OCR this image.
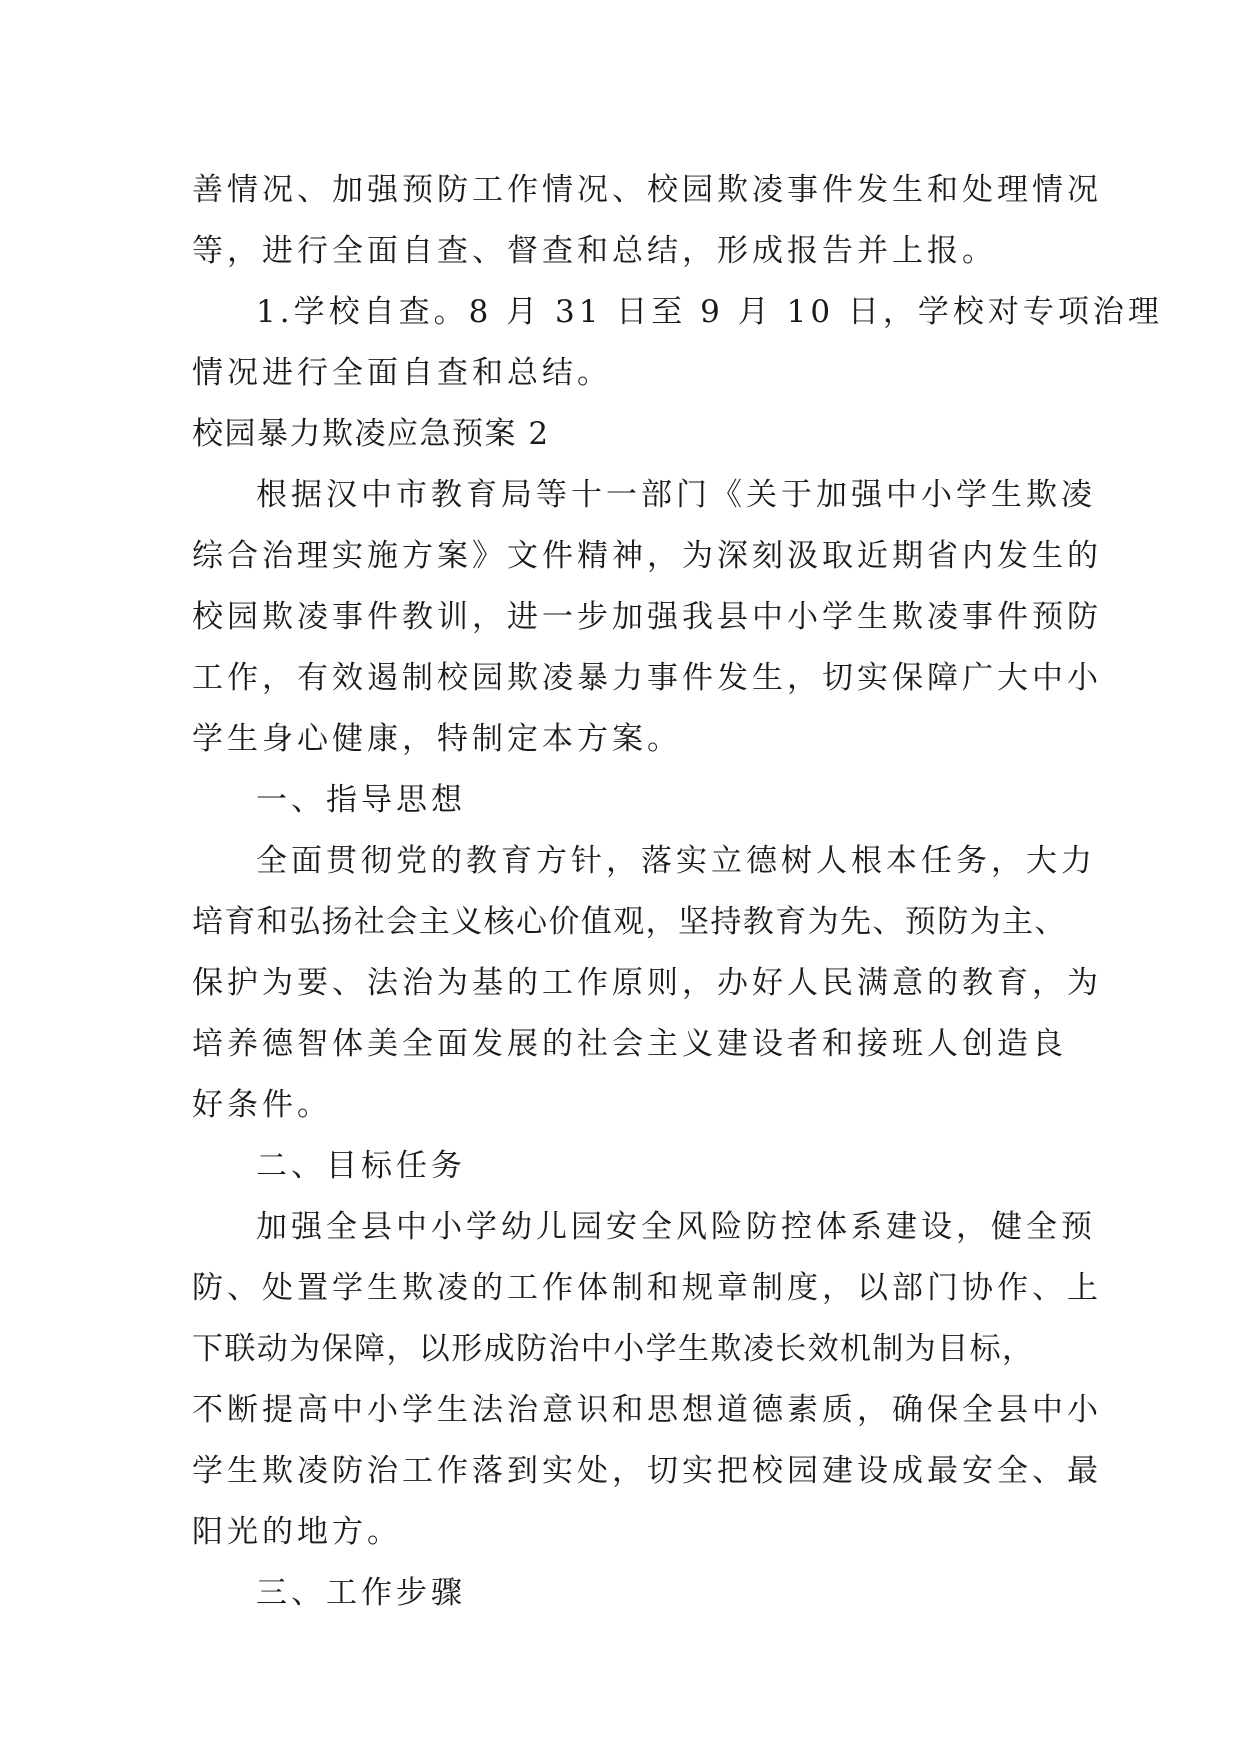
善情况、加强预防工作情况、校园欺凌事件发生和处理情况
等，进行全面自查、督查和总结，形成报告并上报。
1.学校自查。8 月 31 日至 9 月 10 日，学校对专项治理
情况进行全面自查和总结。
校园暴力欺凌应急预案 2
根据汉中市教育局等十一部门《关于加强中小学生欺凌
综合治理实施方案》文件精神，为深刻汲取近期省内发生的
校园欺凌事件教训，进一步加强我县中小学生欺凌事件预防
工作，有效遏制校园欺凌暴力事件发生，切实保障广大中小
学生身心健康，特制定本方案。
一、指导思想
全面贯彻党的教育方针，落实立德树人根本任务，大力
培育和弘扬社会主义核心价值观，坚持教育为先、预防为主、
保护为要、法治为基的工作原则，办好人民满意的教育，为
培养德智体美全面发展的社会主义建设者和接班人创造良
好条件。
二、目标任务
加强全县中小学幼儿园安全风险防控体系建设，健全预
防、处置学生欺凌的工作体制和规章制度，以部门协作、上
下联动为保障，以形成防治中小学生欺凌长效机制为目标，
不断提高中小学生法治意识和思想道德素质，确保全县中小
学生欺凌防治工作落到实处，切实把校园建设成最安全、最
阳光的地方。
三、工作步骤
